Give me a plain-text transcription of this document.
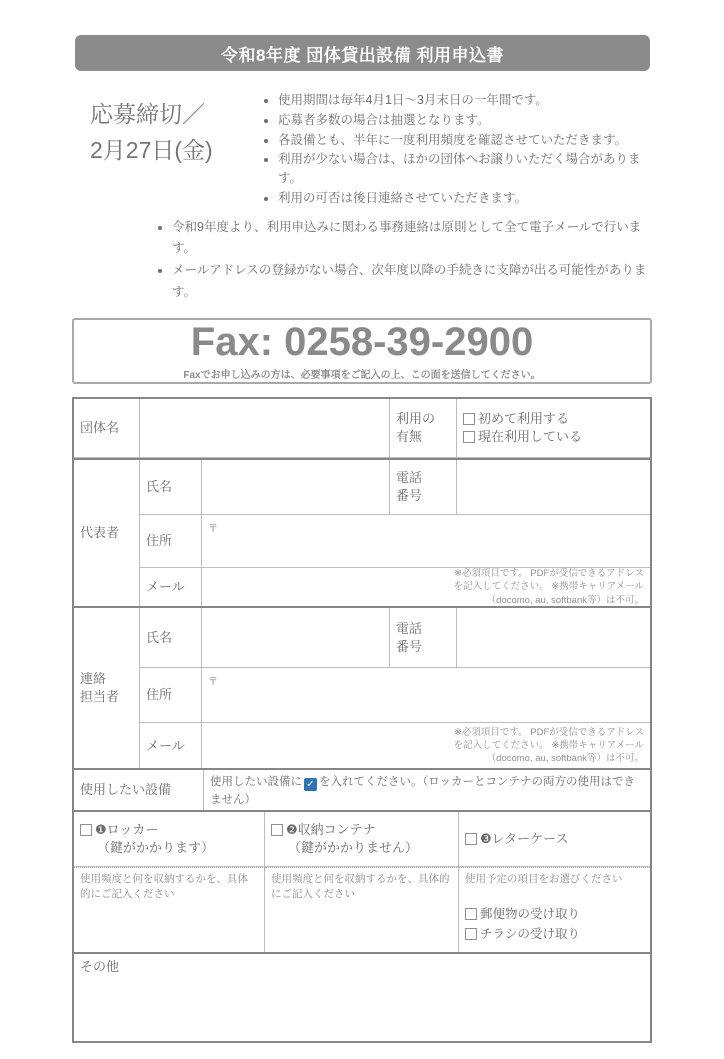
令和8年度 団体貸出設備 利用申込書
応募締切／
2月27日(金)
• 使用期間は毎年4月1日～3月末日の一年間です。
• 応募者多数の場合は抽選となります。
• 各設備とも、半年に一度利用頻度を確認させていただきます。
• 利用が少ない場合は、ほかの団体へお譲りいただく場合があります。
• 利用の可否は後日連絡させていただきます。
• 令和9年度より、利用申込みに関わる事務連絡は原則として全て電子メールで行います。
• メールアドレスの登録がない場合、次年度以降の手続きに支障が出る可能性があります。
Fax: 0258-39-2900
Faxでお申し込みの方は、必要事項をご記入の上、この面を送信してください。
団体名
利用の
有無
初めて利用する
現在利用している
代表者
氏名
電話
番号
住所
〒
メール
※必須項目です。 PDFが受信できるアドレス
を記入してください。 ※携帯キャリアメール
（docomo, au, softbank等）は不可。
連絡
担当者
氏名
電話
番号
住所
〒
メール
※必須項目です。 PDFが受信できるアドレス
を記入してください。 ※携帯キャリアメール
（docomo, au, softbank等）は不可。
使用したい設備
使用したい設備に ✓ を入れてください。（ロッカーとコンテナの両方の使用はできません）
❶ロッカー
（鍵がかかります）
❷収納コンテナ
（鍵がかかりません）
❸レターケース
使用頻度と何を収納するかを、具体的にご記入ください
使用頻度と何を収納するかを、具体的にご記入ください
使用予定の項目をお選びください
郵便物の受け取り
チラシの受け取り
その他
